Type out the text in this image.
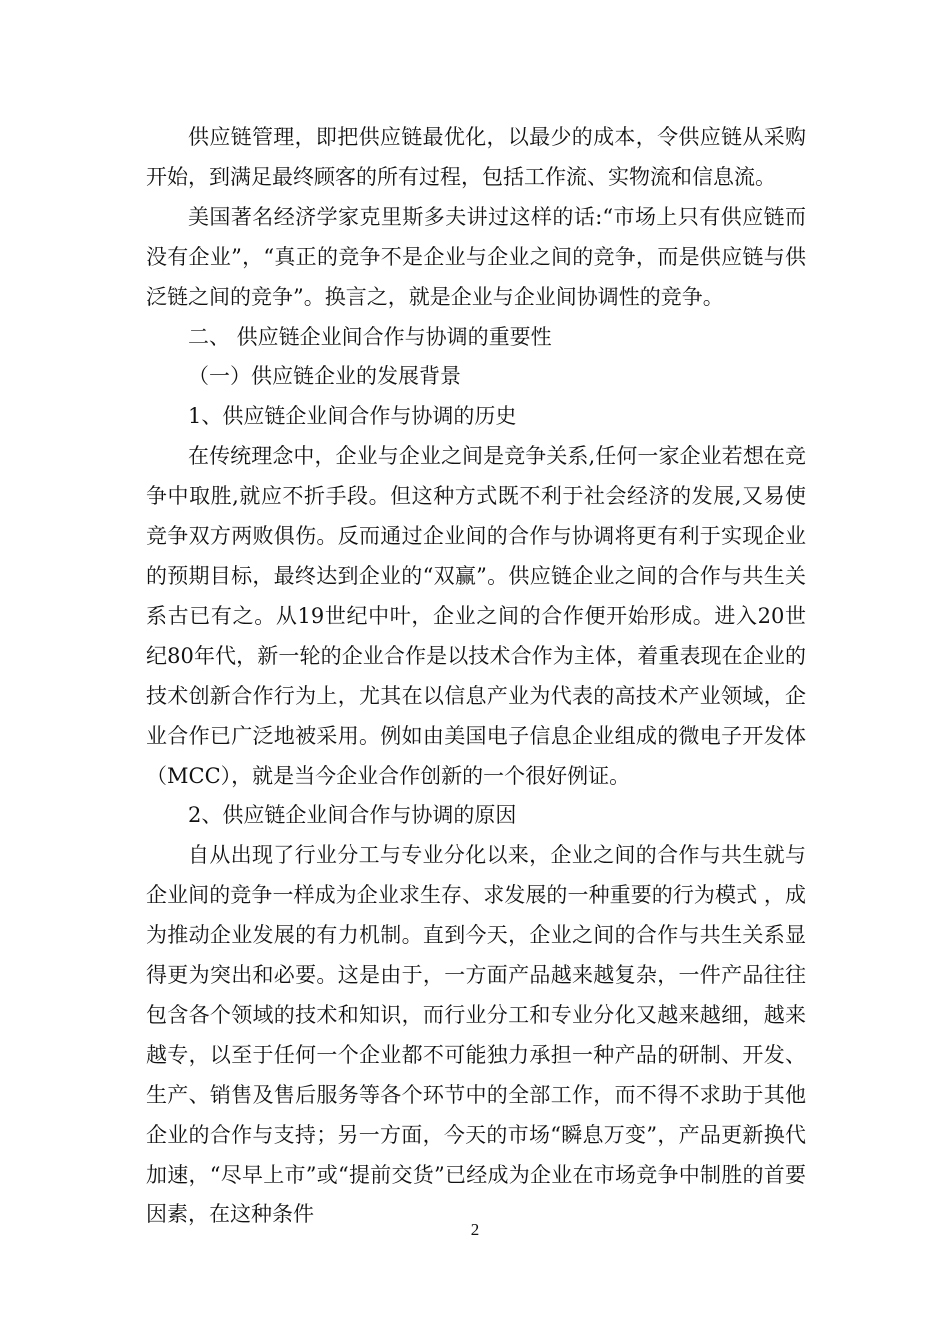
供应链管理，即把供应链最优化，以最少的成本，令供应链从采购开始，到满足最终顾客的所有过程，包括工作流、实物流和信息流。

美国著名经济学家克里斯多夫讲过这样的话:“市场上只有供应链而没有企业”，“真正的竞争不是企业与企业之间的竞争，而是供应链与供泛链之间的竞争”。换言之，就是企业与企业间协调性的竞争。

二、 供应链企业间合作与协调的重要性

（一）供应链企业的发展背景

1、供应链企业间合作与协调的历史

在传统理念中，企业与企业之间是竞争关系,任何一家企业若想在竞争中取胜,就应不折手段。但这种方式既不利于社会经济的发展,又易使竞争双方两败俱伤。反而通过企业间的合作与协调将更有利于实现企业的预期目标，最终达到企业的“双赢”。供应链企业之间的合作与共生关系古已有之。从19世纪中叶，企业之间的合作便开始形成。进入20世纪80年代，新一轮的企业合作是以技术合作为主体，着重表现在企业的技术创新合作行为上，尤其在以信息产业为代表的高技术产业领域，企业合作已广泛地被采用。例如由美国电子信息企业组成的微电子开发体（MCC），就是当今企业合作创新的一个很好例证。

2、供应链企业间合作与协调的原因

自从出现了行业分工与专业分化以来，企业之间的合作与共生就与企业间的竞争一样成为企业求生存、求发展的一种重要的行为模式 ，成为推动企业发展的有力机制。直到今天，企业之间的合作与共生关系显得更为突出和必要。这是由于，一方面产品越来越复杂，一件产品往往包含各个领域的技术和知识，而行业分工和专业分化又越来越细，越来越专，以至于任何一个企业都不可能独力承担一种产品的研制、开发、生产、销售及售后服务等各个环节中的全部工作，而不得不求助于其他企业的合作与支持；另一方面，今天的市场“瞬息万变”，产品更新换代加速，“尽早上市”或“提前交货”已经成为企业在市场竞争中制胜的首要因素，在这种条件

2
